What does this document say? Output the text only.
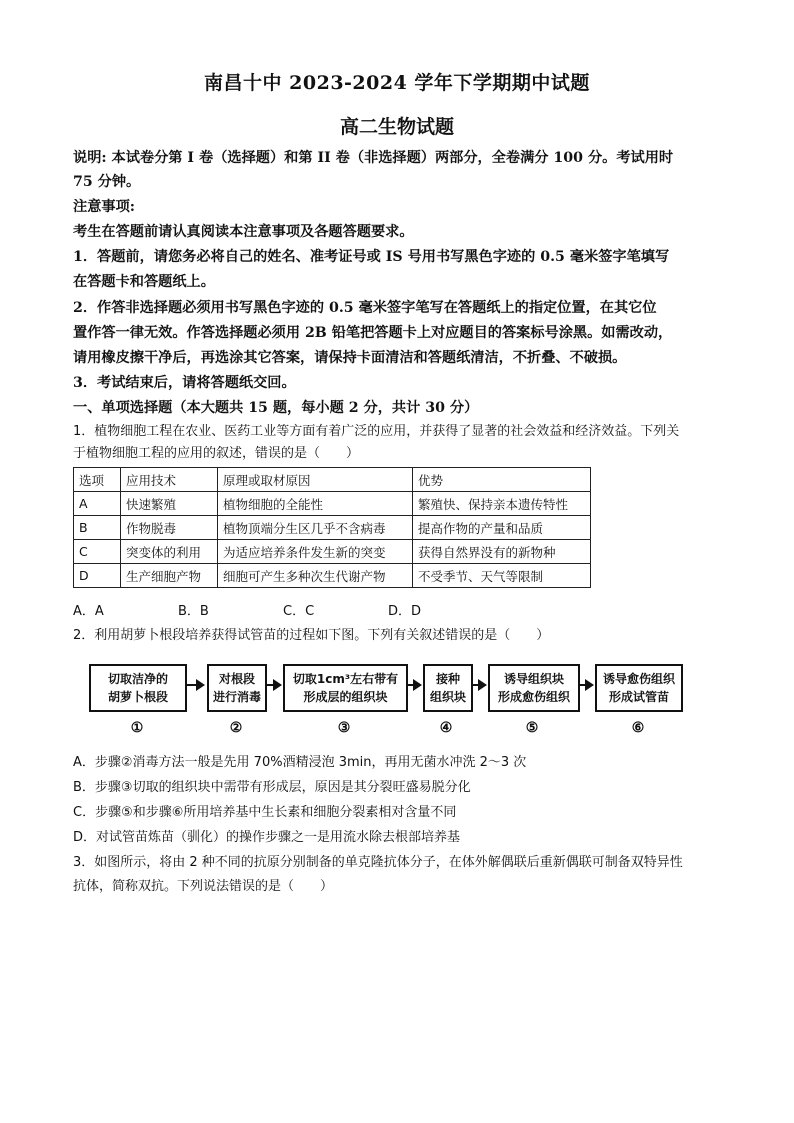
南昌十中 2023-2024 学年下学期期中试题
高二生物试题
说明: 本试卷分第 I 卷（选择题）和第 II 卷（非选择题）两部分，全卷满分 100 分。考试用时
75 分钟。
注意事项:
考生在答题前请认真阅读本注意事项及各题答题要求。
1．答题前，请您务必将自己的姓名、准考证号或 IS 号用书写黑色字迹的 0.5 毫米签字笔填写
在答题卡和答题纸上。
2．作答非选择题必须用书写黑色字迹的 0.5 毫米签字笔写在答题纸上的指定位置，在其它位
置作答一律无效。作答选择题必须用 2B 铅笔把答题卡上对应题目的答案标号涂黑。如需改动，
请用橡皮擦干净后，再选涂其它答案，请保持卡面清洁和答题纸清洁，不折叠、不破损。
3．考试结束后，请将答题纸交回。
一、单项选择题（本大题共 15 题，每小题 2 分，共计 30 分）
1．植物细胞工程在农业、医药工业等方面有着广泛的应用，并获得了显著的社会效益和经济效益。下列关
于植物细胞工程的应用的叙述，错误的是（　　）
选项	应用技术	原理或取材原因	优势
A	快速繁殖	植物细胞的全能性	繁殖快、保持亲本遗传特性
B	作物脱毒	植物顶端分生区几乎不含病毒	提高作物的产量和品质
C	突变体的利用	为适应培养条件发生新的突变	获得自然界没有的新物种
D	生产细胞产物	细胞可产生多种次生代谢产物	不受季节、天气等限制
A．A	B．B	C．C	D．D
2．利用胡萝卜根段培养获得试管苗的过程如下图。下列有关叙述错误的是（　　）
切取洁净的
胡萝卜根段
对根段
进行消毒
切取1cm³左右带有
形成层的组织块
接种
组织块
诱导组织块
形成愈伤组织
诱导愈伤组织
形成试管苗
①	②	③	④	⑤	⑥
A．步骤②消毒方法一般是先用 70%酒精浸泡 3min，再用无菌水冲洗 2～3 次
B．步骤③切取的组织块中需带有形成层，原因是其分裂旺盛易脱分化
C．步骤⑤和步骤⑥所用培养基中生长素和细胞分裂素相对含量不同
D．对试管苗炼苗（驯化）的操作步骤之一是用流水除去根部培养基
3．如图所示，将由 2 种不同的抗原分别制备的单克隆抗体分子，在体外解偶联后重新偶联可制备双特异性
抗体，简称双抗。下列说法错误的是（　　）
